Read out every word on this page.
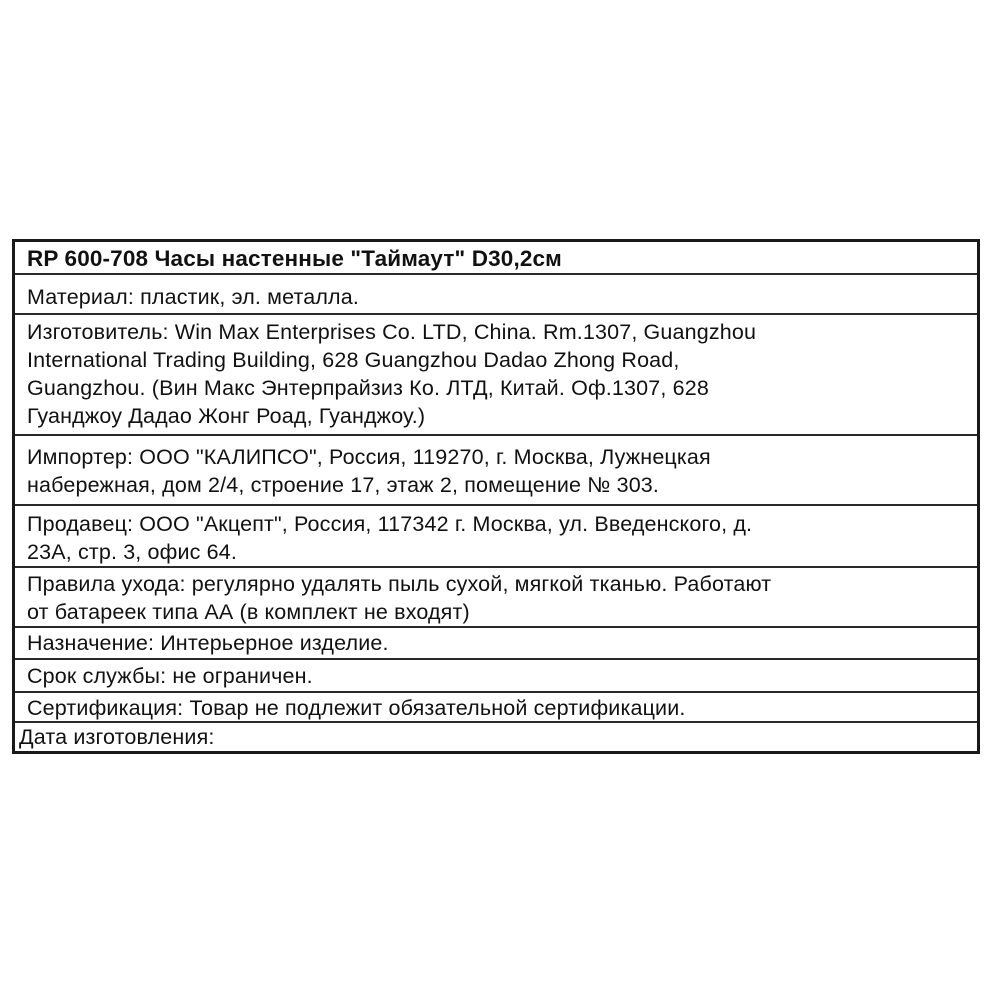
RP 600-708 Часы настенные "Таймаут" D30,2см
Материал: пластик, эл. металла.
Изготовитель: Win Max Enterprises Co. LTD, China. Rm.1307, Guangzhou
International Trading Building, 628 Guangzhou Dadao Zhong Road,
Guangzhou. (Вин Макс Энтерпрайзиз Ко. ЛТД, Китай. Оф.1307, 628
Гуанджоу Дадао Жонг Роад, Гуанджоу.)
Импортер: ООО "КАЛИПСО", Россия, 119270, г. Москва, Лужнецкая
набережная, дом 2/4, строение 17, этаж 2, помещение № 303.
Продавец: ООО "Акцепт", Россия, 117342 г. Москва, ул. Введенского, д.
23А, стр. 3, офис 64.
Правила ухода: регулярно удалять пыль сухой, мягкой тканью. Работают
от батареек типа АА (в комплект не входят)
Назначение: Интерьерное изделие.
Срок службы: не ограничен.
Сертификация: Товар не подлежит обязательной сертификации.
Дата изготовления:
